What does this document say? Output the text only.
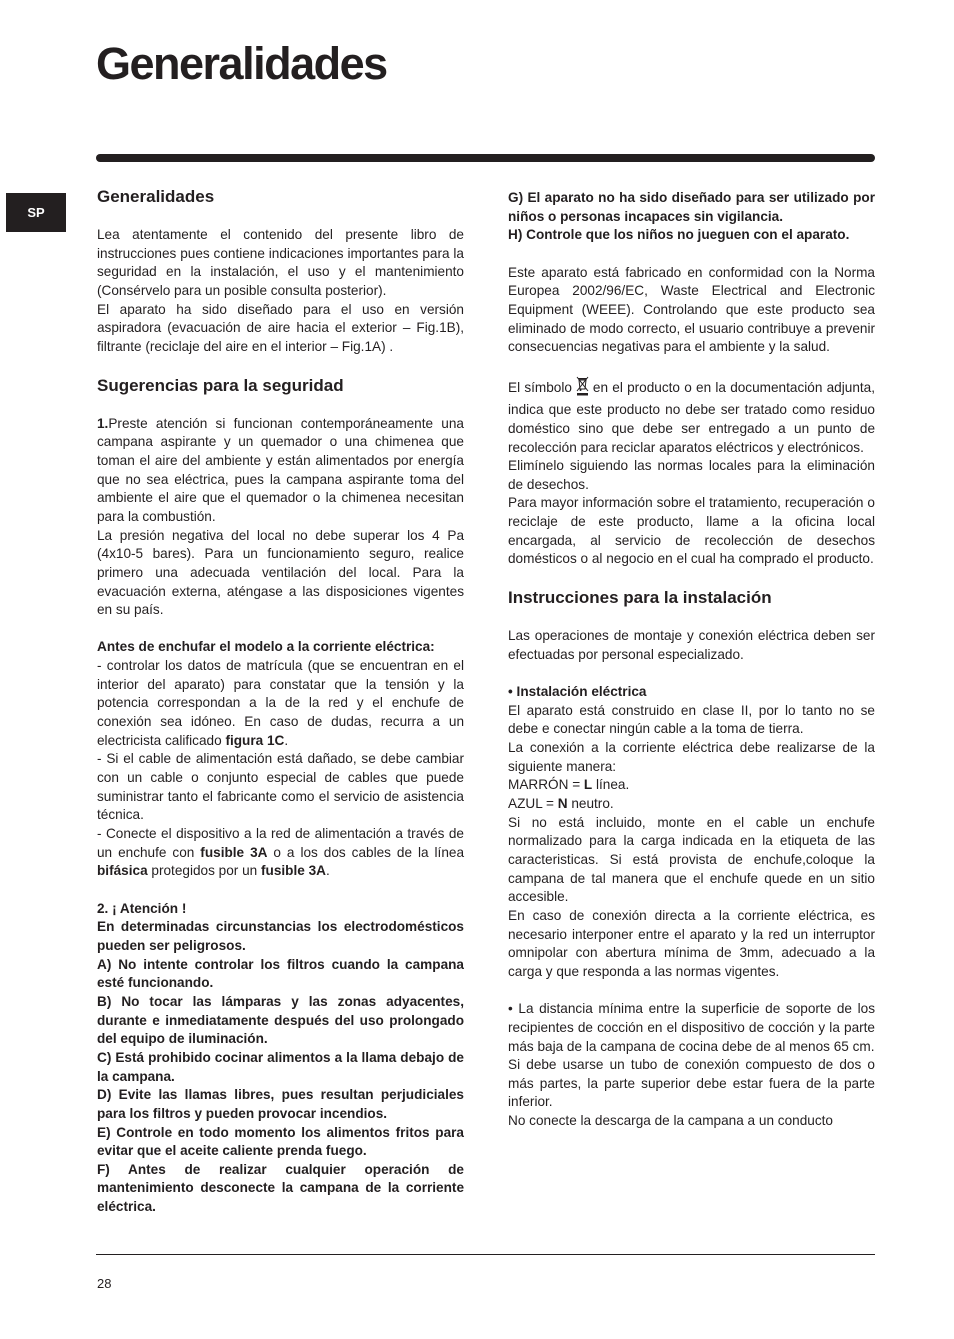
Generalidades
SP
Generalidades

Lea atentamente el contenido del presente libro de instrucciones pues contiene indicaciones importantes para la seguridad en la instalación, el uso y el mantenimiento (Consérvelo para un posible consulta posterior).

El aparato ha sido diseñado para el uso en versión aspiradora (evacuación de aire hacia el exterior – Fig.1B), filtrante (reciclaje del aire en el interior – Fig.1A) .

Sugerencias para la seguridad

1.Preste atención si funcionan contemporáneamente una campana aspirante y un quemador o una chimenea que toman el aire del ambiente y están alimentados por energía que no sea eléctrica, pues la campana aspirante toma del ambiente el aire que el quemador o la chimenea necesitan para la combustión.

La presión negativa del local no debe superar los 4 Pa (4x10-5 bares). Para un funcionamiento seguro, realice primero una adecuada ventilación del local. Para la evacuación externa, aténgase a las disposiciones vigentes en su país.

Antes de enchufar el modelo a la corriente eléctrica:

- controlar los datos de matrícula (que se encuentran en el interior del aparato) para constatar que la tensión y la potencia correspondan a la de la red y el enchufe de conexión sea idóneo. En caso de dudas, recurra a un electricista calificado figura 1C.

- Si el cable de alimentación está dañado, se debe cambiar con un cable o conjunto especial de cables que puede suministrar tanto el fabricante como el servicio de asistencia técnica.

- Conecte el dispositivo a la red de alimentación a través de un enchufe con fusible 3A o a los dos cables de la línea bifásica protegidos por un fusible 3A.

2. ¡ Atención !

En determinadas circunstancias los electrodomésticos pueden ser peligrosos.

A) No intente controlar los filtros cuando la campana esté funcionando.

B) No tocar las lámparas y las zonas adyacentes, durante e inmediatamente después del uso prolongado del equipo de iluminación.

C) Está prohibido cocinar alimentos a la llama debajo de la campana.

D) Evite las llamas libres, pues resultan perjudiciales para los filtros y pueden provocar incendios.

E) Controle en todo momento los alimentos fritos para evitar que el aceite caliente prenda fuego.

F) Antes de realizar cualquier operación de mantenimiento desconecte la campana de la corriente eléctrica.

G) El aparato no ha sido diseñado para ser utilizado por niños o personas incapaces sin vigilancia.

H) Controle que los niños no jueguen con el aparato.

Este aparato está fabricado en conformidad con la Norma Europea 2002/96/EC, Waste Electrical and Electronic Equipment (WEEE). Controlando que este producto sea eliminado de modo correcto, el usuario contribuye a prevenir consecuencias negativas para el ambiente y la salud.

El símbolo en el producto o en la documentación adjunta, indica que este producto no debe ser tratado como residuo doméstico sino que debe ser entregado a un punto de recolección para reciclar aparatos eléctricos y electrónicos.

Elimínelo siguiendo las normas locales para la eliminación de desechos.

Para mayor información sobre el tratamiento, recuperación o reciclaje de este producto, llame a la oficina local encargada, al servicio de recolección de desechos domésticos o al negocio en el cual ha comprado el producto.

Instrucciones para la instalación

Las operaciones de montaje y conexión eléctrica deben ser efectuadas por personal especializado.

• Instalación eléctrica

El aparato está construido en clase II, por lo tanto no se debe e conectar ningún cable a la toma de tierra.

La conexión a la corriente eléctrica debe realizarse de la siguiente manera:

MARRÓN = L línea.

AZUL = N neutro.

Si no está incluido, monte en el cable un enchufe normalizado para la carga indicada en la etiqueta de las caracteristicas. Si está provista de enchufe,coloque la campana de tal manera que el enchufe quede en un sitio accesible.

En caso de conexión directa a la corriente eléctrica, es necesario interponer entre el aparato y la red un interruptor omnipolar con abertura mínima de 3mm, adecuado a la carga y que responda a las normas vigentes.

• La distancia mínima entre la superficie de soporte de los recipientes de cocción en el dispositivo de cocción y la parte más baja de la campana de cocina debe de al menos 65 cm.

Si debe usarse un tubo de conexión compuesto de dos o más partes, la parte superior debe estar fuera de la parte inferior.

No conecte la descarga de la campana a un conducto

28
